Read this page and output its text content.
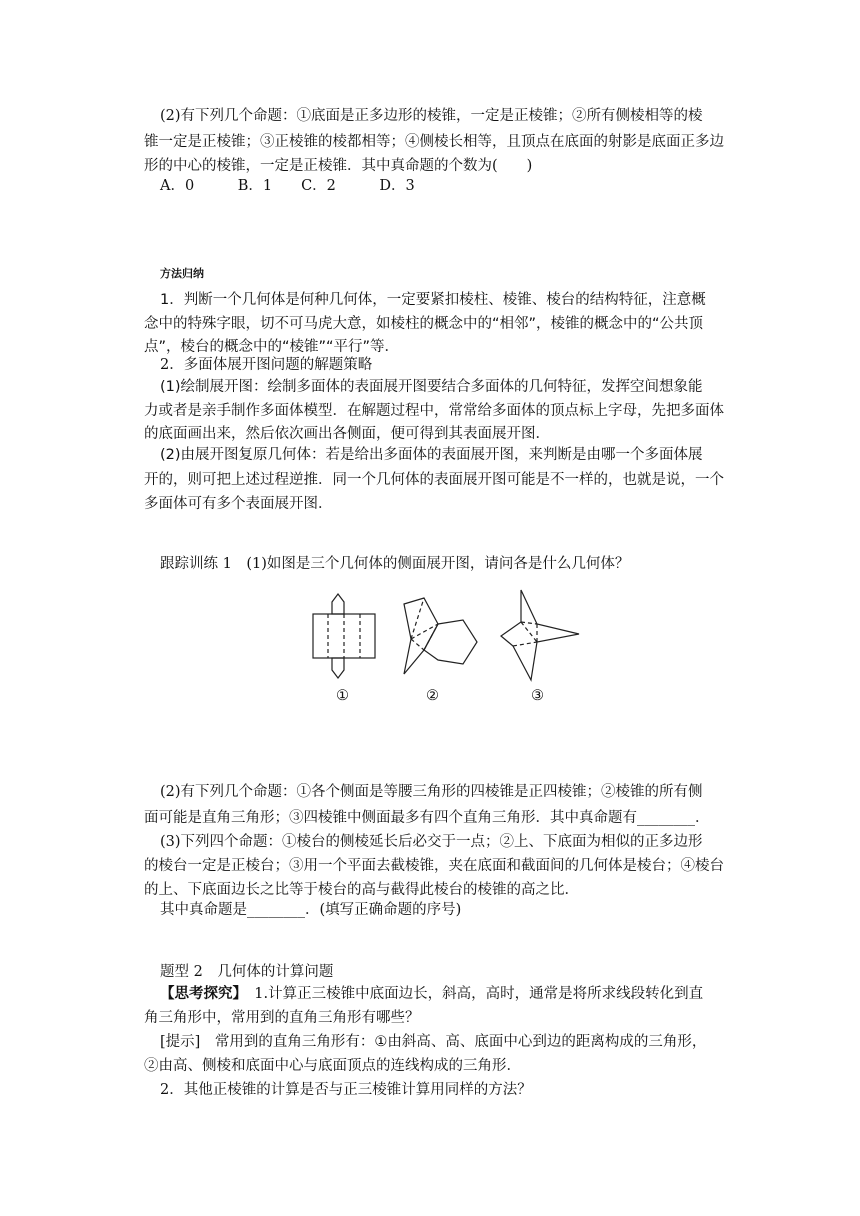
(2)有下列几个命题：①底面是正多边形的棱锥，一定是正棱锥；②所有侧棱相等的棱
锥一定是正棱锥；③正棱锥的棱都相等；④侧棱长相等，且顶点在底面的射影是底面正多边
形的中心的棱锥，一定是正棱锥．其中真命题的个数为(　　)
A．0　　　B．1　　C．2　　　D．3
方法归纳
1．判断一个几何体是何种几何体，一定要紧扣棱柱、棱锥、棱台的结构特征，注意概
念中的特殊字眼，切不可马虎大意，如棱柱的概念中的“相邻”，棱锥的概念中的“公共顶
点”，棱台的概念中的“棱锥”“平行”等．
2．多面体展开图问题的解题策略
(1)绘制展开图：绘制多面体的表面展开图要结合多面体的几何特征，发挥空间想象能
力或者是亲手制作多面体模型．在解题过程中，常常给多面体的顶点标上字母，先把多面体
的底面画出来，然后依次画出各侧面，便可得到其表面展开图．
(2)由展开图复原几何体：若是给出多面体的表面展开图，来判断是由哪一个多面体展
开的，则可把上述过程逆推．同一个几何体的表面展开图可能是不一样的，也就是说，一个
多面体可有多个表面展开图．
跟踪训练 1　(1)如图是三个几何体的侧面展开图，请问各是什么几何体？
①	②	③
(2)有下列几个命题：①各个侧面是等腰三角形的四棱锥是正四棱锥；②棱锥的所有侧
面可能是直角三角形；③四棱锥中侧面最多有四个直角三角形．其中真命题有________．
(3)下列四个命题：①棱台的侧棱延长后必交于一点；②上、下底面为相似的正多边形
的棱台一定是正棱台；③用一个平面去截棱锥，夹在底面和截面间的几何体是棱台；④棱台
的上、下底面边长之比等于棱台的高与截得此棱台的棱锥的高之比．
其中真命题是________．(填写正确命题的序号)
题型 2　几何体的计算问题
【思考探究】　1.计算正三棱锥中底面边长，斜高，高时，通常是将所求线段转化到直
角三角形中，常用到的直角三角形有哪些？
[提示]　常用到的直角三角形有：①由斜高、高、底面中心到边的距离构成的三角形，
②由高、侧棱和底面中心与底面顶点的连线构成的三角形．
2．其他正棱锥的计算是否与正三棱锥计算用同样的方法？
